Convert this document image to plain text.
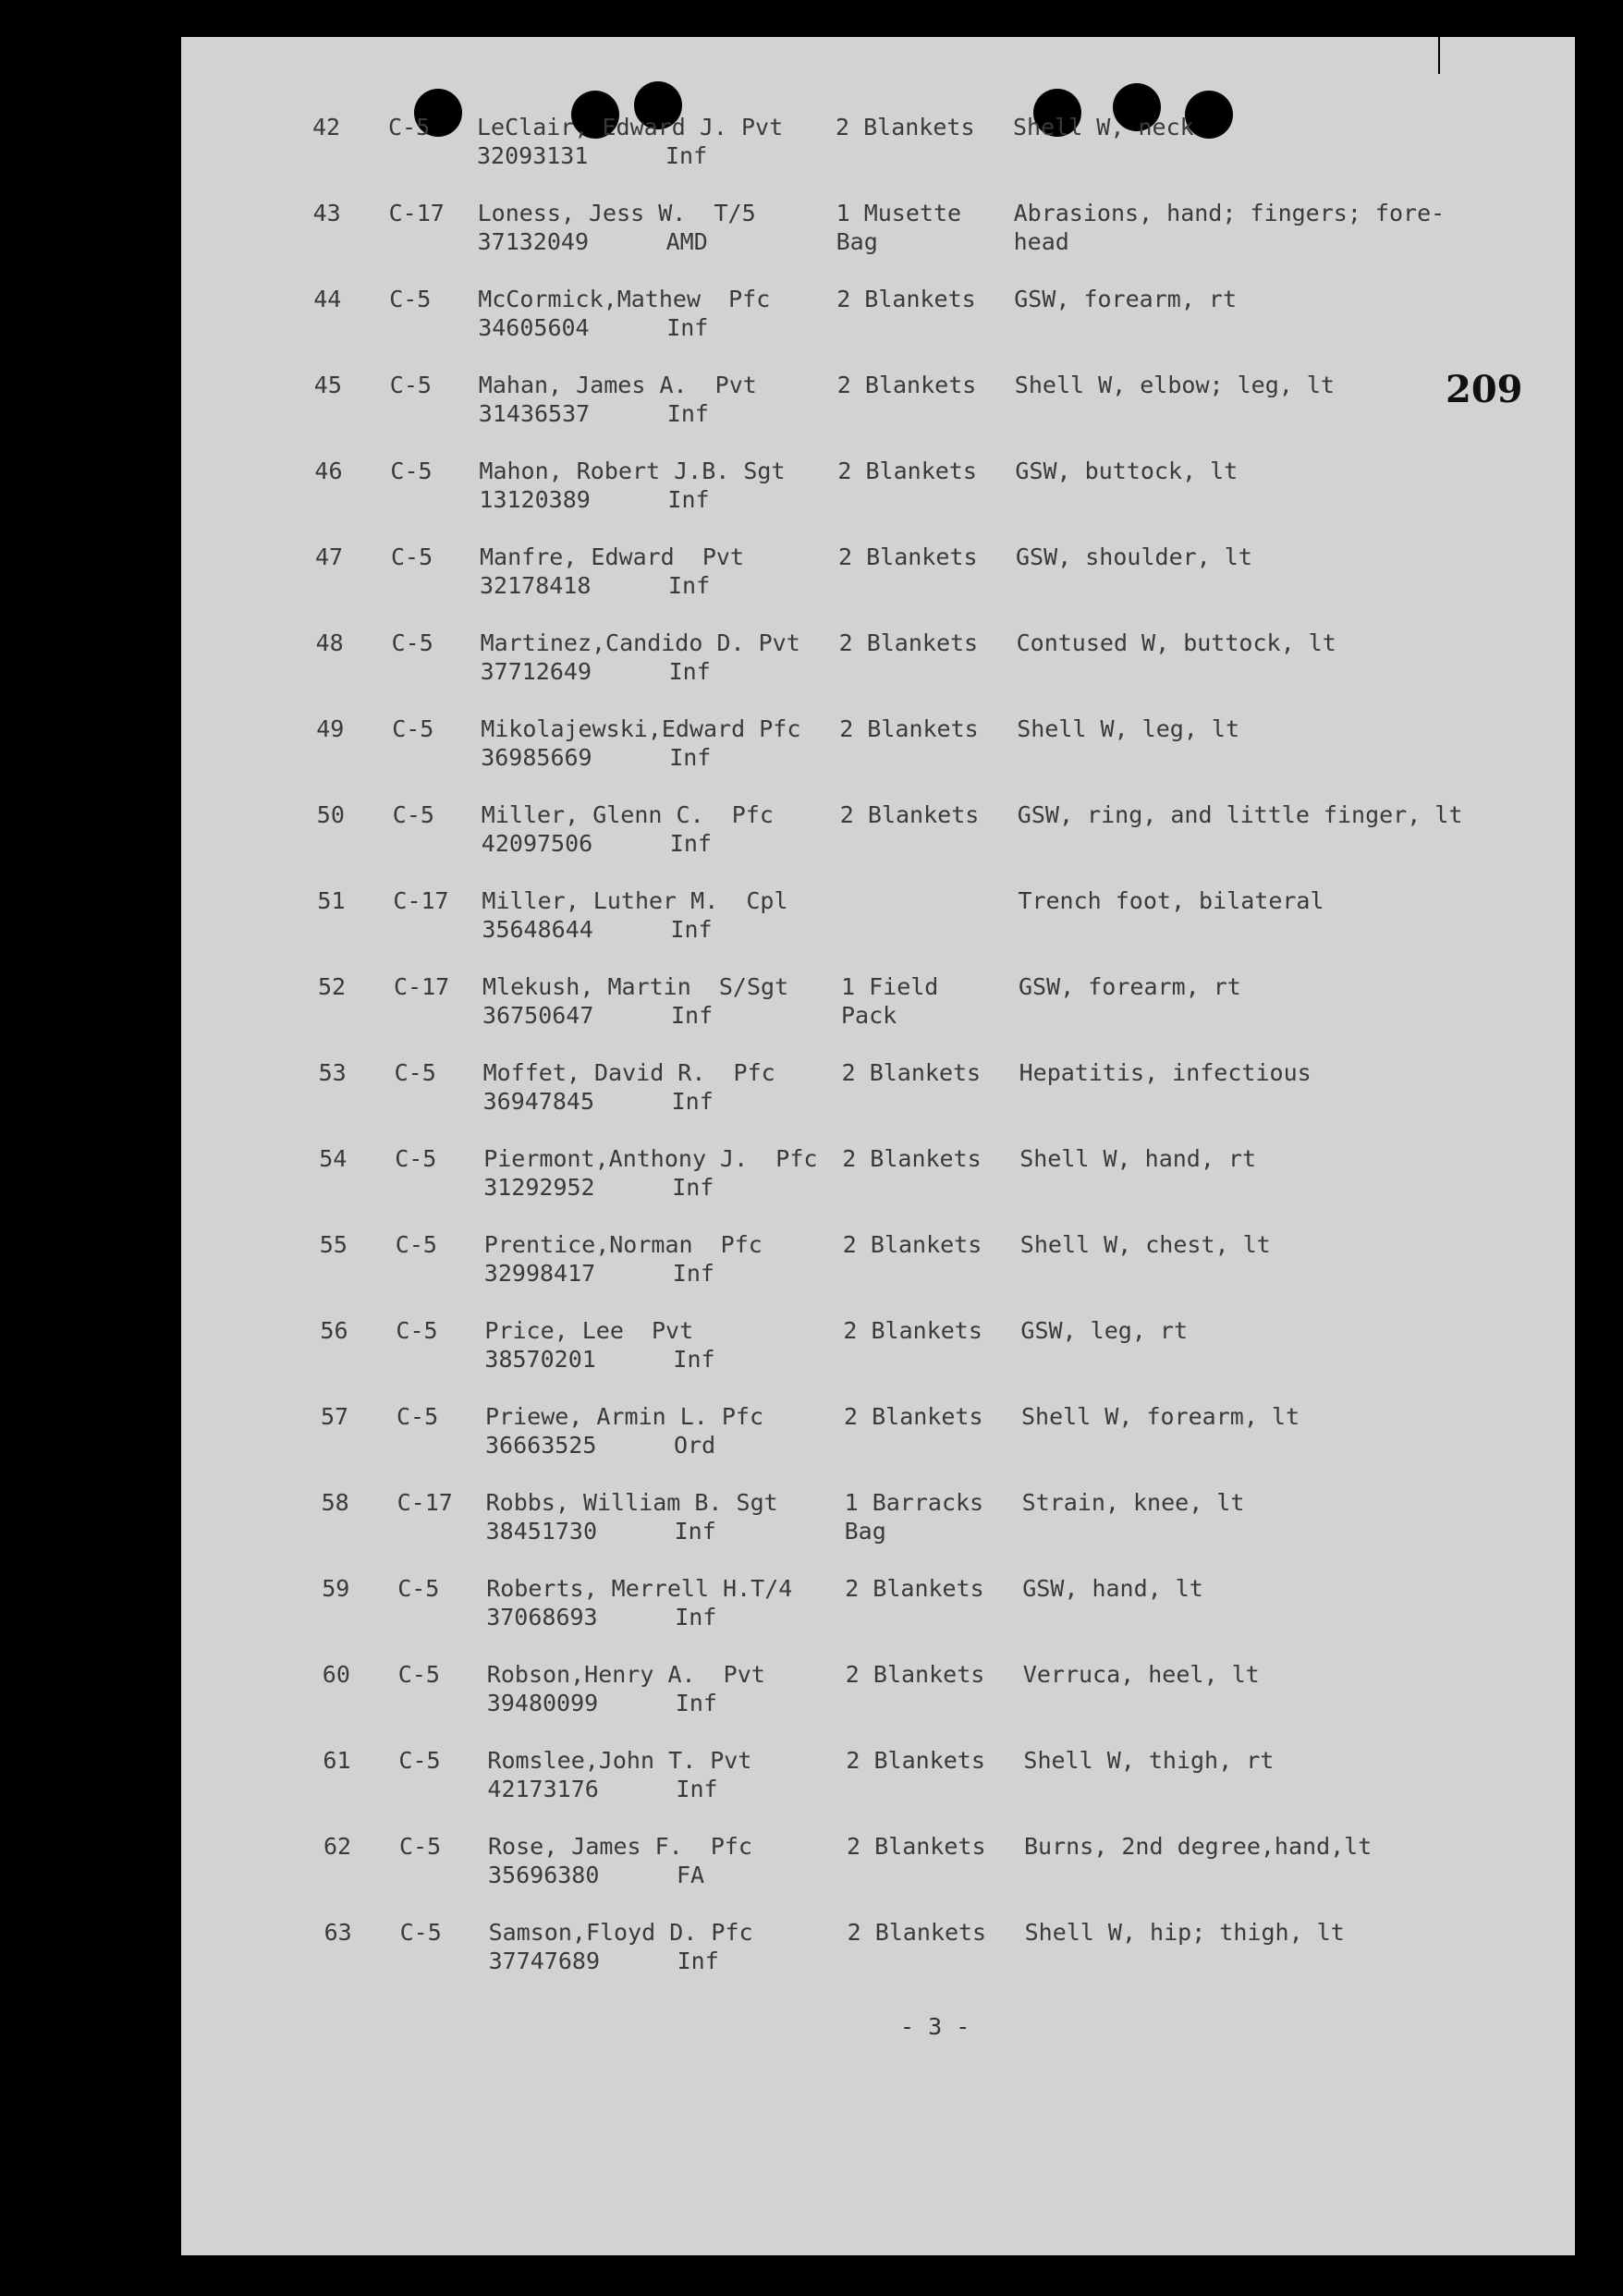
209
42 C-5 LeClair, Edward J. Pvt
32093131	Inf
2 Blankets Shell W, neck
43 C-17 Loness, Jess W.  T/5
37132049	AMD
1 Musette
Bag
Abrasions, hand; fingers; fore-
head
44 C-5 McCormick,Mathew  Pfc
34605604	Inf
2 Blankets GSW, forearm, rt
45 C-5 Mahan, James A.  Pvt
31436537	Inf
2 Blankets Shell W, elbow; leg, lt
46 C-5 Mahon, Robert J.B. Sgt
13120389	Inf
2 Blankets GSW, buttock, lt
47 C-5 Manfre, Edward  Pvt
32178418	Inf
2 Blankets GSW, shoulder, lt
48 C-5 Martinez,Candido D. Pvt
37712649	Inf
2 Blankets Contused W, buttock, lt
49 C-5 Mikolajewski,Edward Pfc
36985669	Inf
2 Blankets Shell W, leg, lt
50 C-5 Miller, Glenn C.  Pfc
42097506	Inf
2 Blankets GSW, ring, and little finger, lt
51 C-17 Miller, Luther M.  Cpl
35648644	Inf
Trench foot, bilateral
52 C-17 Mlekush, Martin  S/Sgt
36750647	Inf
1 Field
Pack
GSW, forearm, rt
53 C-5 Moffet, David R.  Pfc
36947845	Inf
2 Blankets Hepatitis, infectious
54 C-5 Piermont,Anthony J.  Pfc
31292952	Inf
2 Blankets Shell W, hand, rt
55 C-5 Prentice,Norman  Pfc
32998417	Inf
2 Blankets Shell W, chest, lt
56 C-5 Price, Lee  Pvt
38570201	Inf
2 Blankets GSW, leg, rt
57 C-5 Priewe, Armin L. Pfc
36663525	Ord
2 Blankets Shell W, forearm, lt
58 C-17 Robbs, William B. Sgt
38451730	Inf
1 Barracks
Bag
Strain, knee, lt
59 C-5 Roberts, Merrell H.T/4
37068693	Inf
2 Blankets GSW, hand, lt
60 C-5 Robson,Henry A.  Pvt
39480099	Inf
2 Blankets Verruca, heel, lt
61 C-5 Romslee,John T. Pvt
42173176	Inf
2 Blankets Shell W, thigh, rt
62 C-5 Rose, James F.  Pfc
35696380	FA
2 Blankets Burns, 2nd degree,hand,lt
63 C-5 Samson,Floyd D. Pfc
37747689	Inf
2 Blankets Shell W, hip; thigh, lt
- 3 -
